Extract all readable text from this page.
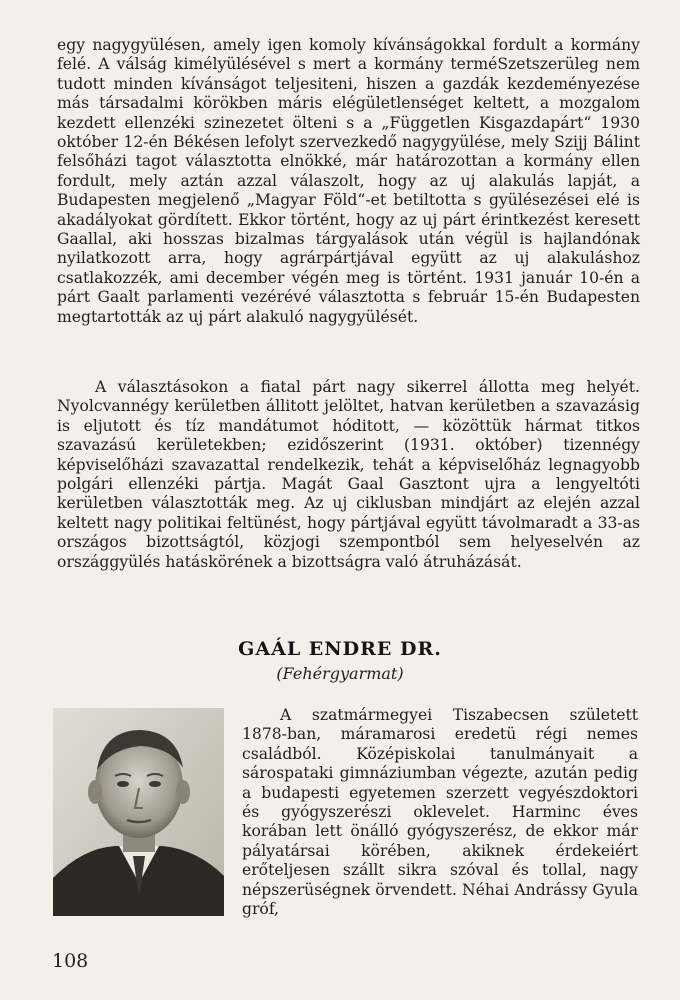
egy nagygyülésen, amely igen komoly kívánságokkal fordult a kormány felé. A válság kimélyülésével s mert a kormány terméSzetszerüleg nem tudott minden kívánságot teljesiteni, hiszen a gazdák kezdeményezése más társadalmi körökben máris elégületlenséget keltett, a mozgalom kezdett ellenzéki szinezetet ölteni s a „Független Kisgazdapárt“ 1930 október 12-én Békésen lefolyt szervezkedő nagygyülése, mely Szijj Bálint felsőházi tagot választotta elnökké, már határozottan a kormány ellen fordult, mely aztán azzal válaszolt, hogy az uj alakulás lapját, a Budapesten megjelenő „Magyar Föld“-et betiltotta s gyülésezései elé is akadályokat gördített. Ekkor történt, hogy az uj párt érintkezést keresett Gaallal, aki hosszas bizalmas tárgyalások után végül is hajlandónak nyilatkozott arra, hogy agrárpártjával együtt az uj alakuláshoz csatlakozzék, ami december végén meg is történt. 1931 január 10-én a párt Gaalt parlamenti vezérévé választotta s február 15-én Budapesten megtartották az uj párt alakuló nagygyülését.

A választásokon a fiatal párt nagy sikerrel állotta meg helyét. Nyolcvannégy kerületben állitott jelöltet, hatvan kerületben a szavazásig is eljutott és tíz mandátumot hóditott, — közöttük hármat titkos szavazású kerületekben; ezidőszerint (1931. október) tizennégy képviselőházi szavazattal rendelkezik, tehát a képviselőház legnagyobb polgári ellenzéki pártja. Magát Gaal Gasztont ujra a lengyeltóti kerületben választották meg. Az uj ciklusban mindjárt az elején azzal keltett nagy politikai feltünést, hogy pártjával együtt távolmaradt a 33-as országos bizottságtól, közjogi szempontból sem helyeselvén az országgyülés hatáskörének a bizottságra való átruházását.

GAÁL ENDRE DR.
(Fehérgyarmat)

A szatmármegyei Tiszabecsen született 1878-ban, máramarosi eredetü régi nemes családból. Középiskolai tanulmányait a sárospataki gimnáziumban végezte, azután pedig a budapesti egyetemen szerzett vegyészdoktori és gyógyszerészi oklevelet. Harminc éves korában lett önálló gyógyszerész, de ekkor már pályatársai körében, akiknek érdekeiért erőteljesen szállt sikra szóval és tollal, nagy népszerüségnek örvendett. Néhai Andrássy Gyula gróf,

108
